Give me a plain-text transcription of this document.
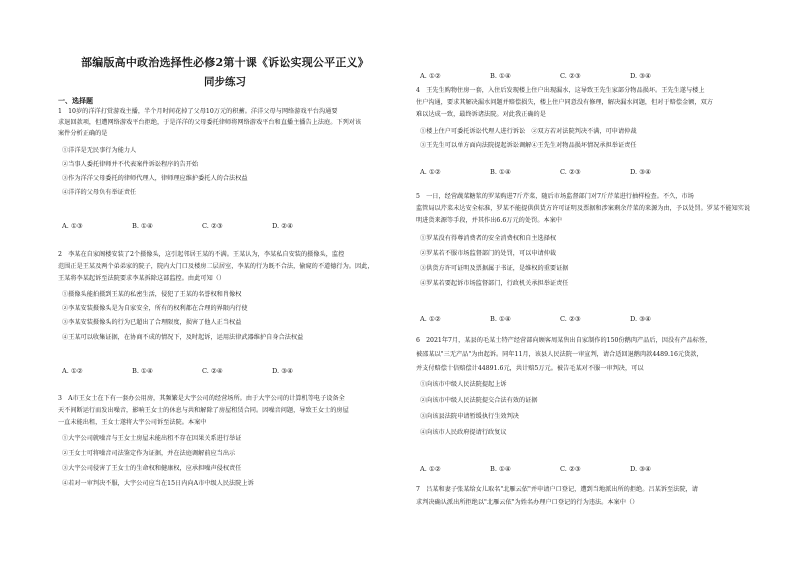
部编版高中政治选择性必修2第十课《诉讼实现公平正义》
同步练习
一、选择题
1　10岁的洋洋打赏游戏主播，半个月时间花掉了父母10万元的积蓄。洋洋父母与网络游戏平台沟通要
求退回款项，但遭网络游戏平台拒绝，于是洋洋的父母委托律师将网络游戏平台和直播主播告上法庭。下列对该
案件分析正确的是
①洋洋是无民事行为能力人
②当事人委托律师并不代表案件诉讼程序的告开始
③作为洋洋父母委托的律师代理人，律师理应维护委托人的合法权益
④洋洋的父母负有举证责任
A. ①③	B. ①④	C. ②③	D. ②④
2　李某在自家阁楼安装了2个摄像头，这引起邻居王某的不满。王某认为，李某私自安装的摄像头，监控
范围正是王某及两个弟弟家的院子，院内大门口及楼房二层居室，李某的行为既不合法，偷窥的不道德行为。因此，
王某将李某起诉至法院要求李某拆除这部监控。由此可知（）
①摄像头能拍摄到王某的私密生活，侵犯了王某的名誉权和肖像权
②李某安装摄像头是为自家安全，所有的权利都在合理的界限内行使
③李某安装摄像头的行为已超出了合理限度，损害了他人正当权益
④王某可以收集证据，在协商不成的情况下，及时起诉，运用法律武器维护自身合法权益
A. ①②	B. ①④	C. ②④	D. ③④
3　A市王女士在下有一套办公用房，其频繁是大宇公司的经营场所。由于大宇公司的计算机等电子设备全
天不间断运行而发出噪音，影响王女士的休息与共和解除了房屋租赁合同。因噪音问题，导致王女士的房屋
一直未能出租，王女士遂将大宇公司诉至法院。本案中
①大宇公司就噪音与王女士房屋未能出租不存在因果关系进行举证
②王女士可将噪音司法鉴定作为证据，并在法庭调解前应当出示
③大宇公司侵害了王女士的生命权和健康权，应承担噪声侵权责任
④若对一审判决不服，大宇公司应当在15日内向A市中级人民法院上诉
A. ①②	B. ①④	C. ②③	D. ③④
4　王先生购物住房一套，入住后发现楼上住户出现漏水，这导致王先生家部分物品损坏。王先生遂与楼上
住户沟通，要求其解决漏水问题并赔偿损失，楼上住户同意没有修理，解决漏水问题，但对于赔偿金额，双方
难以达成一致，最终诉诸法院。对此我正确的是
①楼上住户可委托诉讼代理人进行诉讼　②双方若对法院判决不满，可申请仲裁
③王先生可以单方面向法院提起诉讼调解④王先生对物品损坏情况承担举证责任
A. ①②	B. ①④	C. ②③	D. ③④
5　一日，经营蔬菜糖浆的罗某购进7斤芹菜，随后市场监督部门对7斤芹菜进行抽样检查。不久，市场
监管局以芹菜未达安全标准，罗某不能提供供货方许可证明及票据和涉案剩余芹菜的来源为由，予以处罚。罗某不能知实说
明进货来源等手段，并其作出6.6万元的处罚。本案中
①罗某没有得尊消费者的安全消费权和自主选择权
②罗某若不服市场监督部门的处罚，可以申请仲裁
③供货方许可证明及票据属于书证，是维权的重要证据
④罗某若要起诉市场监督部门，行政机关承担举证责任
A. ①②	B. ①④	C. ②③	D. ③④
6　2021年7月，某县的毛某土特产经营部向顾客周某售出自家制作的150份鹅肉产品后，因没有产品标签，
被邵某以"三无产品"为由起诉。同年11月，该县人民法院一审宣判，请合适回退鹅肉款4489.16元货款，
并支付赔偿十倍赔偿计44891.6元，共计赔5万元。被告毛某对不服一审判决，可以
①向该市中级人民法院提起上诉
②向该市中级人民法院提交合法有效的证据
③向该县法院申请暂缓执行生效判决
④向该市人民政府提请行政复议
A. ①②	B. ①④	C. ②③	D. ③④
7　吕某和妻子张某给女儿取名"北雁云依"并申请户口登记，遭到当地派出所的拒绝。吕某诉至法院，请
求判决确认派出所拒绝以"北雁云依"为姓名办理户口登记的行为违法。本案中（）
